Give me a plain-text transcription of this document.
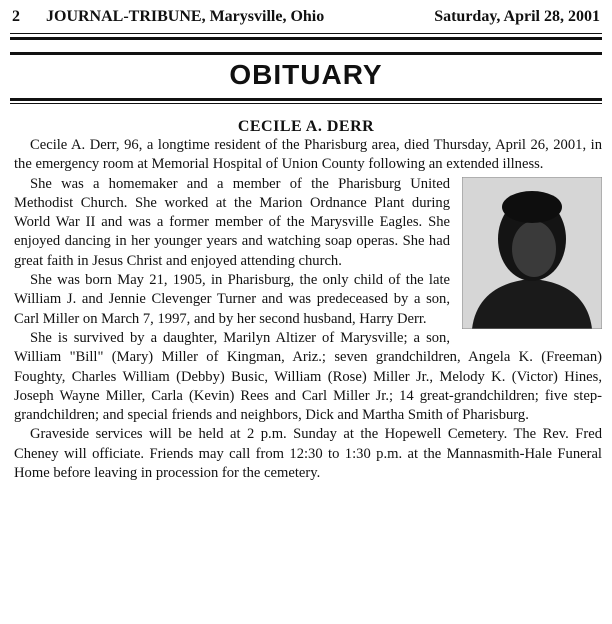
2 JOURNAL-TRIBUNE, Marysville, Ohio	Saturday, April 28, 2001
OBITUARY
CECILE A. DERR

Cecile A. Derr, 96, a longtime resident of the Pharisburg area, died Thursday, April 26, 2001, in the emergency room at Memorial Hospital of Union County following an extended illness.

She was a homemaker and a member of the Pharisburg United Methodist Church. She worked at the Marion Ordnance Plant during World War II and was a former member of the Marysville Eagles. She enjoyed dancing in her younger years and watching soap operas. She had great faith in Jesus Christ and enjoyed attending church.

She was born May 21, 1905, in Pharisburg, the only child of the late William J. and Jennie Clevenger Turner and was predeceased by a son, Carl Miller on March 7, 1997, and by her second husband, Harry Derr.

She is survived by a daughter, Marilyn Altizer of Marysville; a son, William "Bill" (Mary) Miller of Kingman, Ariz.; seven grandchildren, Angela K. (Freeman) Foughty, Charles William (Debby) Busic, William (Rose) Miller Jr., Melody K. (Victor) Hines, Joseph Wayne Miller, Carla (Kevin) Rees and Carl Miller Jr.; 14 great-grandchildren; five step-grandchildren; and special friends and neighbors, Dick and Martha Smith of Pharisburg.

Graveside services will be held at 2 p.m. Sunday at the Hopewell Cemetery. The Rev. Fred Cheney will officiate. Friends may call from 12:30 to 1:30 p.m. at the Mannasmith-Hale Funeral Home before leaving in procession for the cemetery.
